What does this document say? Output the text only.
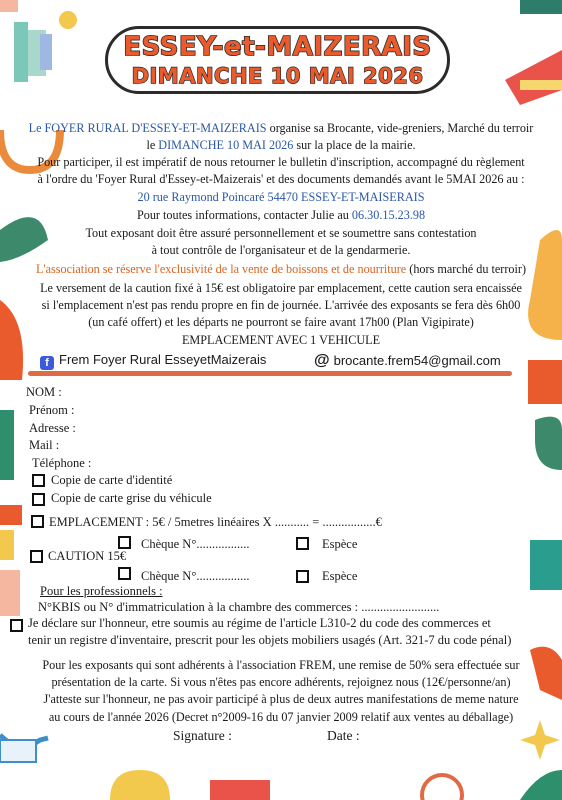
ESSEY-et-MAIZERAIS
DIMANCHE 10 MAI 2026
Le FOYER RURAL D'ESSEY-ET-MAIZERAIS organise sa Brocante, vide-greniers, Marché du terroir
le DIMANCHE 10 MAI 2026 sur la place de la mairie.
Pour participer, il est impératif de nous retourner le bulletin d'inscription, accompagné du règlement
à l'ordre du 'Foyer Rural d'Essey-et-Maizerais' et des documents demandés avant le 5MAI 2026 au :
20 rue Raymond Poincaré 54470 ESSEY-ET-MAISERAIS
Pour toutes informations, contacter Julie au 06.30.15.23.98
Tout exposant doit être assuré personnellement et se soumettre sans contestation
à tout contrôle de l'organisateur et de la gendarmerie.
L'association se réserve l'exclusivité de la vente de boissons et de nourriture (hors marché du terroir)
Le versement de la caution fixé à 15€ est obligatoire par emplacement, cette caution sera encaissée
si l'emplacement n'est pas rendu propre en fin de journée. L'arrivée des exposants se fera dès 6h00
(un café offert) et les départs ne pourront se faire avant 17h00 (Plan Vigipirate)
EMPLACEMENT AVEC 1 VEHICULE
f Frem Foyer Rural EsseyetMaizerais	@ brocante.frem54@gmail.com
NOM :
Prénom :
Adresse :
Mail :
Téléphone :
Copie de carte d'identité
Copie de carte grise du véhicule
EMPLACEMENT : 5€ / 5metres linéaires X ........... = .................€
Chèque N°.................	Espèce
CAUTION 15€
Chèque N°.................	Espèce
Pour les professionnels :
N°KBIS ou N° d'immatriculation à la chambre des commerces : .........................
Je déclare sur l'honneur, etre soumis au régime de l'article L310-2 du code des commerces et
tenir un registre d'inventaire, prescrit pour les objets mobiliers usagés (Art. 321-7 du code pénal)
Pour les exposants qui sont adhérents à l'association FREM, une remise de 50% sera effectuée sur
présentation de la carte. Si vous n'êtes pas encore adhérents, rejoignez nous (12€/personne/an)
J'atteste sur l'honneur, ne pas avoir participé à plus de deux autres manifestations de meme nature
au cours de l'année 2026 (Decret n°2009-16 du 07 janvier 2009 relatif aux ventes au déballage)
Signature :	Date :
